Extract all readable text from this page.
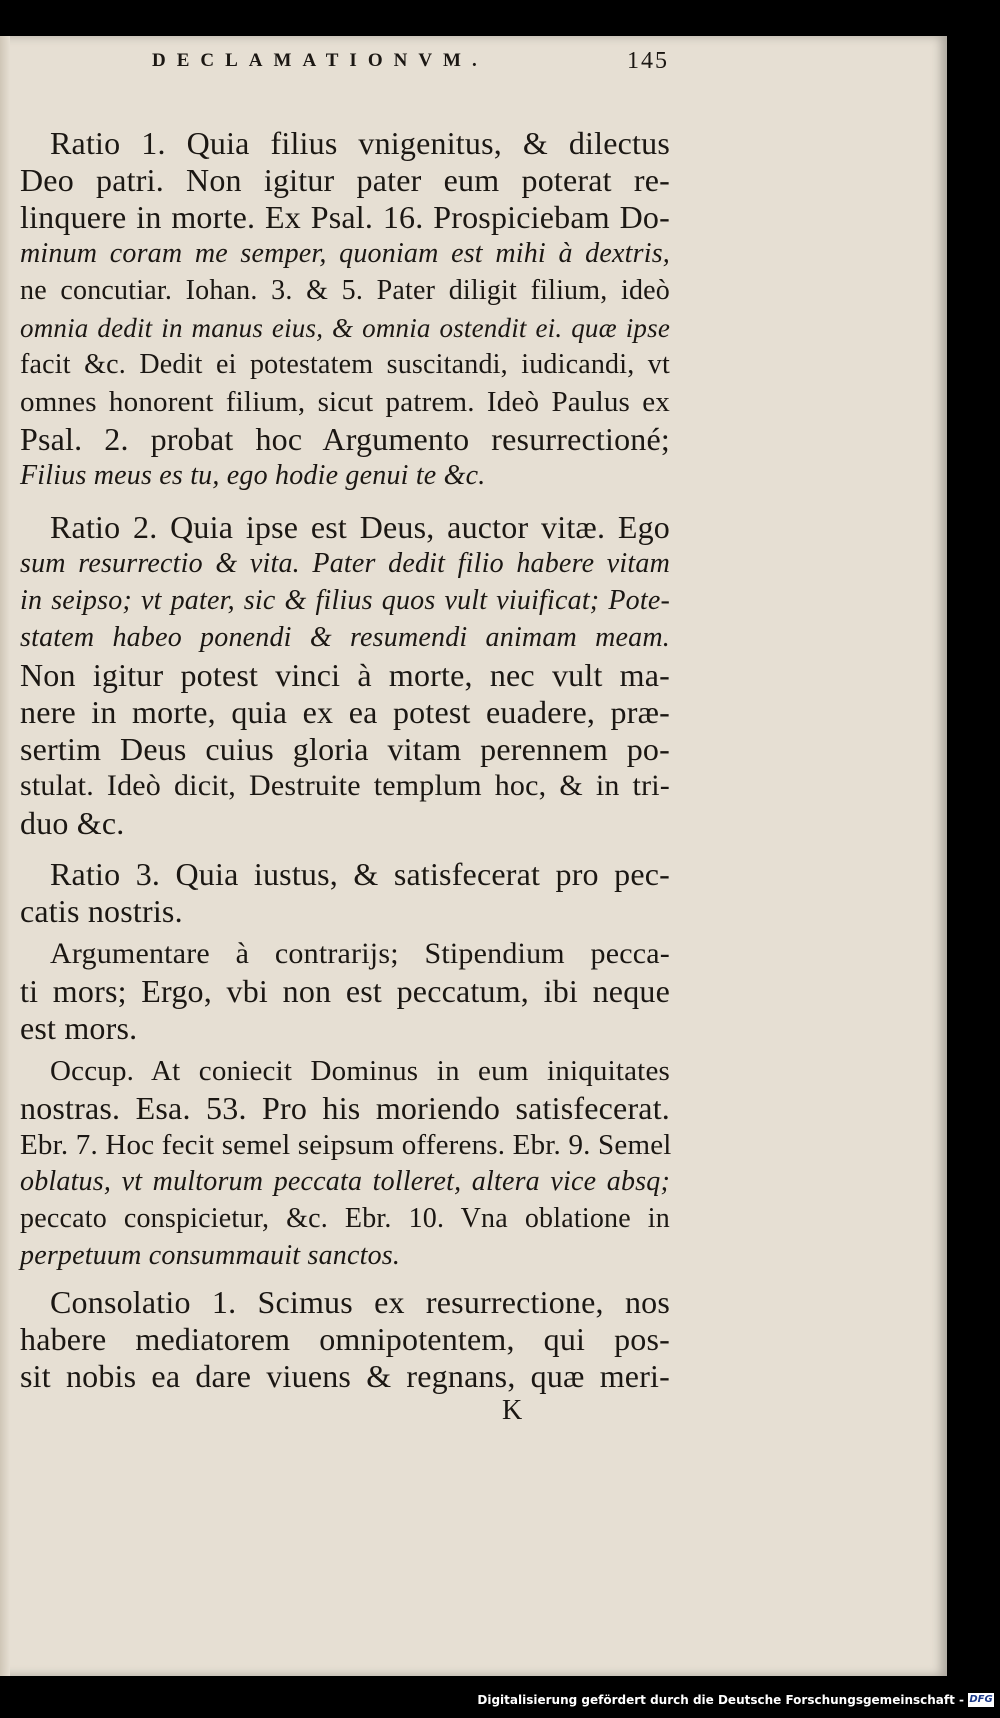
DECLAMATIONVM.	145
Ratio 1. Quia filius vnigenitus, & dilectus
Deo patri. Non igitur pater eum poterat re-
linquere in morte. Ex Psal. 16. Prospiciebam Do-
minum coram me semper, quoniam est mihi à dextris,
ne concutiar. Iohan. 3. & 5. Pater diligit filium, ideò
omnia dedit in manus eius, & omnia ostendit ei. quæ ipse
facit &c. Dedit ei potestatem suscitandi, iudicandi, vt
omnes honorent filium, sicut patrem. Ideò Paulus ex
Psal. 2. probat hoc Argumento resurrectioné;
Filius meus es tu, ego hodie genui te &c.
Ratio 2. Quia ipse est Deus, auctor vitæ. Ego
sum resurrectio & vita. Pater dedit filio habere vitam
in seipso; vt pater, sic & filius quos vult viuificat; Pote-
statem habeo ponendi & resumendi animam meam.
Non igitur potest vinci à morte, nec vult ma-
nere in morte, quia ex ea potest euadere, præ-
sertim Deus cuius gloria vitam perennem po-
stulat. Ideò dicit, Destruite templum hoc, & in tri-
duo &c.
Ratio 3. Quia iustus, & satisfecerat pro pec-
catis nostris.
Argumentare à contrarijs; Stipendium pecca-
ti mors; Ergo, vbi non est peccatum, ibi neque
est mors.
Occup. At coniecit Dominus in eum iniquitates
nostras. Esa. 53. Pro his moriendo satisfecerat.
Ebr. 7. Hoc fecit semel seipsum offerens. Ebr. 9. Semel
oblatus, vt multorum peccata tolleret, altera vice absq;
peccato conspicietur, &c. Ebr. 10. Vna oblatione in
perpetuum consummauit sanctos.
Consolatio 1. Scimus ex resurrectione, nos
habere mediatorem omnipotentem, qui pos-
sit nobis ea dare viuens & regnans, quæ meri-
K
Digitalisierung gefördert durch die Deutsche Forschungsgemeinschaft - DFG
